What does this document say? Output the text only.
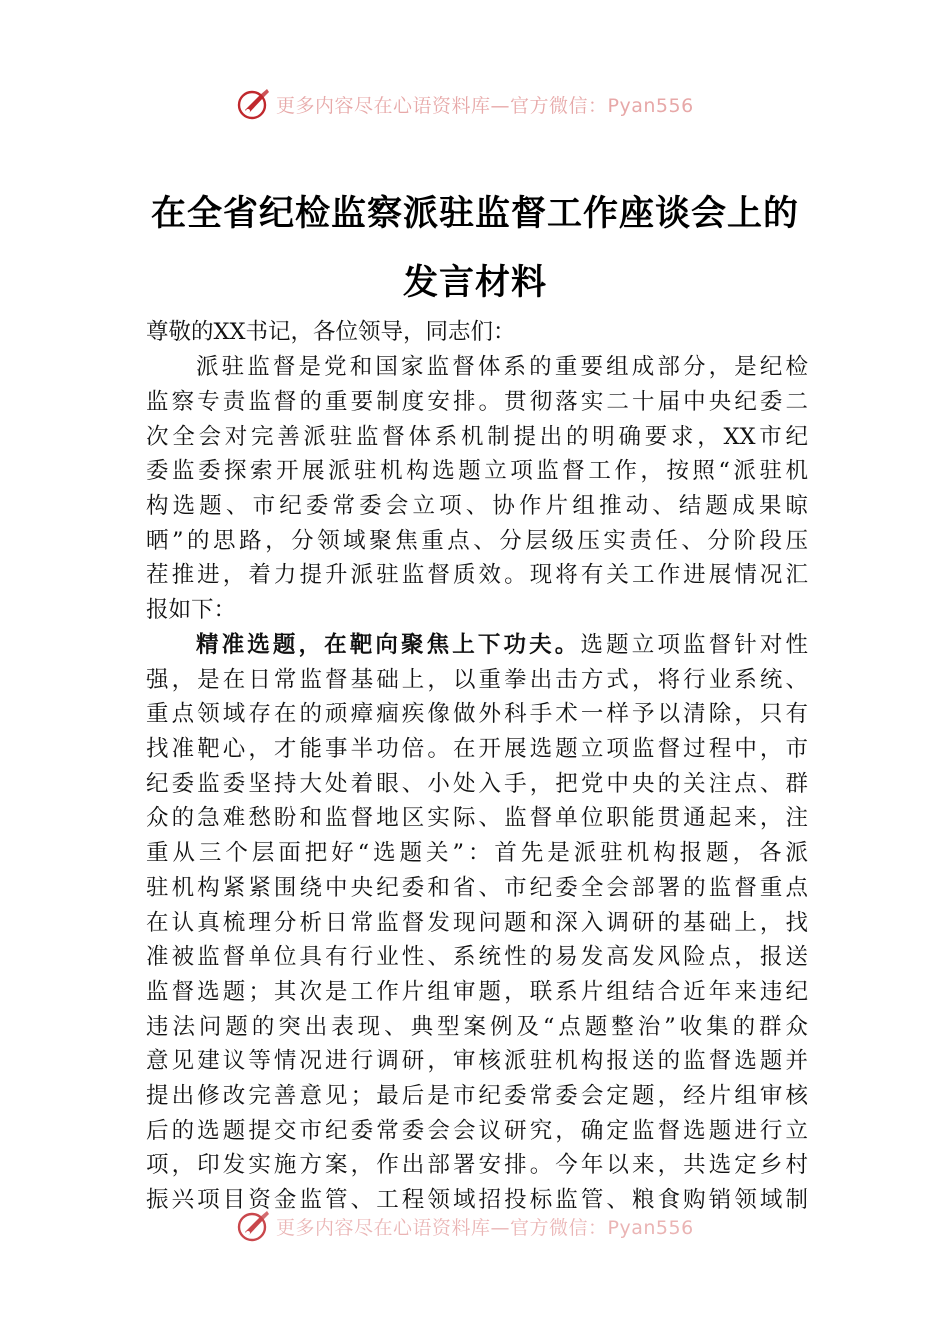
更多内容尽在心语资料库—官方微信：Pyan556
在全省纪检监察派驻监督工作座谈会上的
发言材料
尊敬的XX书记，各位领导，同志们：
派驻监督是党和国家监督体系的重要组成部分，是纪检
监察专责监督的重要制度安排。贯彻落实二十届中央纪委二
次全会对完善派驻监督体系机制提出的明确要求，XX市纪
委监委探索开展派驻机构选题立项监督工作，按照“派驻机
构选题、市纪委常委会立项、协作片组推动、结题成果晾
晒”的思路，分领域聚焦重点、分层级压实责任、分阶段压
茬推进，着力提升派驻监督质效。现将有关工作进展情况汇
报如下：
精准选题，在靶向聚焦上下功夫。选题立项监督针对性
强，是在日常监督基础上，以重拳出击方式，将行业系统、
重点领域存在的顽瘴痼疾像做外科手术一样予以清除，只有
找准靶心，才能事半功倍。在开展选题立项监督过程中，市
纪委监委坚持大处着眼、小处入手，把党中央的关注点、群
众的急难愁盼和监督地区实际、监督单位职能贯通起来，注
重从三个层面把好“选题关”：首先是派驻机构报题，各派
驻机构紧紧围绕中央纪委和省、市纪委全会部署的监督重点
在认真梳理分析日常监督发现问题和深入调研的基础上，找
准被监督单位具有行业性、系统性的易发高发风险点，报送
监督选题；其次是工作片组审题，联系片组结合近年来违纪
违法问题的突出表现、典型案例及“点题整治”收集的群众
意见建议等情况进行调研，审核派驻机构报送的监督选题并
提出修改完善意见；最后是市纪委常委会定题，经片组审核
后的选题提交市纪委常委会会议研究，确定监督选题进行立
项，印发实施方案，作出部署安排。今年以来，共选定乡村
振兴项目资金监管、工程领域招投标监管、粮食购销领域制
更多内容尽在心语资料库—官方微信：Pyan556
